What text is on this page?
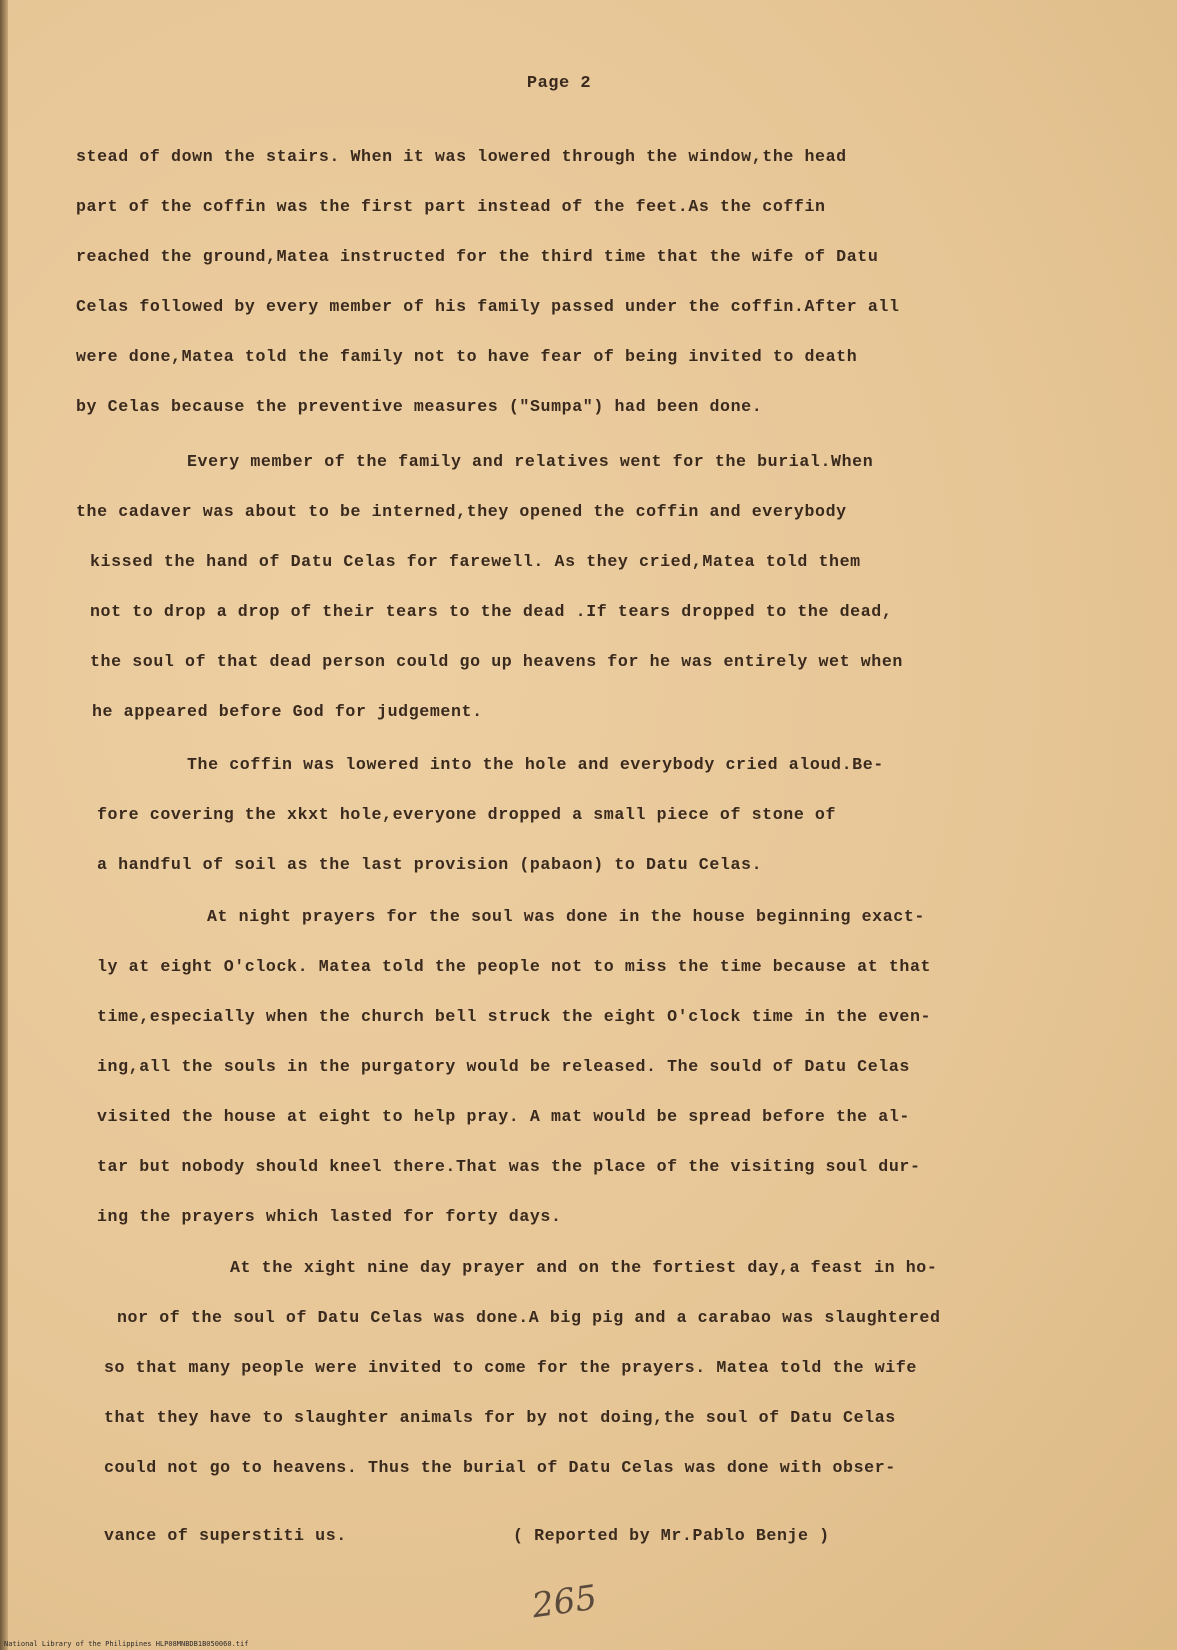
Page 2
stead of down the stairs. When it was lowered through the window,the head
part of the coffin was the first part instead of the feet.As the coffin
reached the ground,Matea instructed for the third time that the wife of Datu
Celas followed by every member of his family passed under the coffin.After all
were done,Matea told the family not to have fear of being invited to death
by Celas because the preventive measures ("Sumpa") had been done.
Every member of the family and relatives went for the burial.When
the cadaver was about to be interned,they opened the coffin and everybody
kissed the hand of Datu Celas for farewell. As they cried,Matea told them
not to drop a drop of their tears to the dead .If tears dropped to the dead,
the soul of that dead person could go up heavens for he was entirely wet when
he appeared before God for judgement.
The coffin was lowered into the hole and everybody cried aloud.Be-
fore covering the xkxt hole,everyone dropped a small piece of stone of
a handful of soil as the last provision (pabaon) to Datu Celas.
At night prayers for the soul was done in the house beginning exact-
ly at eight O'clock. Matea told the people not to miss the time because at that
time,especially when the church bell struck the eight O'clock time in the even-
ing,all the souls in the purgatory would be released. The sould of Datu Celas
visited the house at eight to help pray. A mat would be spread before the al-
tar but nobody should kneel there.That was the place of the visiting soul dur-
ing the prayers which lasted for forty days.
At the xight nine day prayer and on the fortiest day,a feast in ho-
nor of the soul of Datu Celas was done.A big pig and a carabao was slaughtered
so that many people were invited to come for the prayers. Matea told the wife
that they have to slaughter animals for by not doing,the soul of Datu Celas
could not go to heavens. Thus the burial of Datu Celas was done with obser-
vance of superstiti us.	( Reported by Mr.Pablo Benje )
265
National Library of the Philippines HLP08MNBDB1B050060.tif
